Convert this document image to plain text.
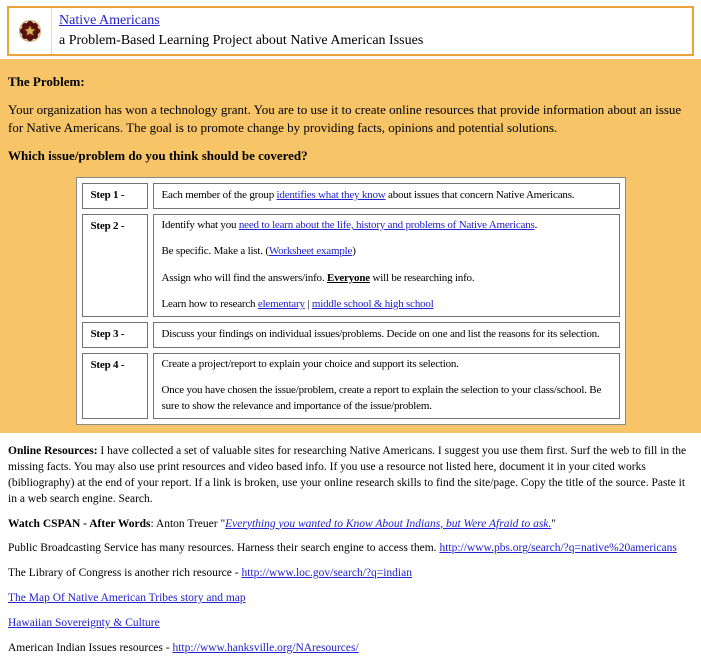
Native Americans
a Problem-Based Learning Project about Native American Issues

The Problem:

Your organization has won a technology grant. You are to use it to create online resources that provide information about an issue for Native Americans. The goal is to promote change by providing facts, opinions and potential solutions.

Which issue/problem do you think should be covered?

Step 1 -	Each member of the group identifies what they know about issues that concern Native Americans.
Step 2 -	Identify what you need to learn about the life, history and problems of Native Americans.

Be specific. Make a list. (Worksheet example)

Assign who will find the answers/info. Everyone will be researching info.

Learn how to research elementary | middle school & high school

Step 3 -	Discuss your findings on individual issues/problems. Decide on one and list the reasons for its selection.
Step 4 -	Create a project/report to explain your choice and support its selection.

Once you have chosen the issue/problem, create a report to explain the selection to your class/school. Be sure to show the relevance and importance of the issue/problem.

Online Resources: I have collected a set of valuable sites for researching Native Americans. I suggest you use them first. Surf the web to fill in the missing facts. You may also use print resources and video based info. If you use a resource not listed here, document it in your cited works (bibliography) at the end of your report. If a link is broken, use your online research skills to find the site/page. Copy the title of the source. Paste it in a web search engine. Search.

Watch CSPAN - After Words: Anton Treuer "Everything you wanted to Know About Indians, but Were Afraid to ask."

Public Broadcasting Service has many resources. Harness their search engine to access them. http://www.pbs.org/search/?q=native%20americans

The Library of Congress is another rich resource - http://www.loc.gov/search/?q=indian

The Map Of Native American Tribes story and map

Hawaiian Sovereignty & Culture

American Indian Issues resources - http://www.hanksville.org/NAresources/
